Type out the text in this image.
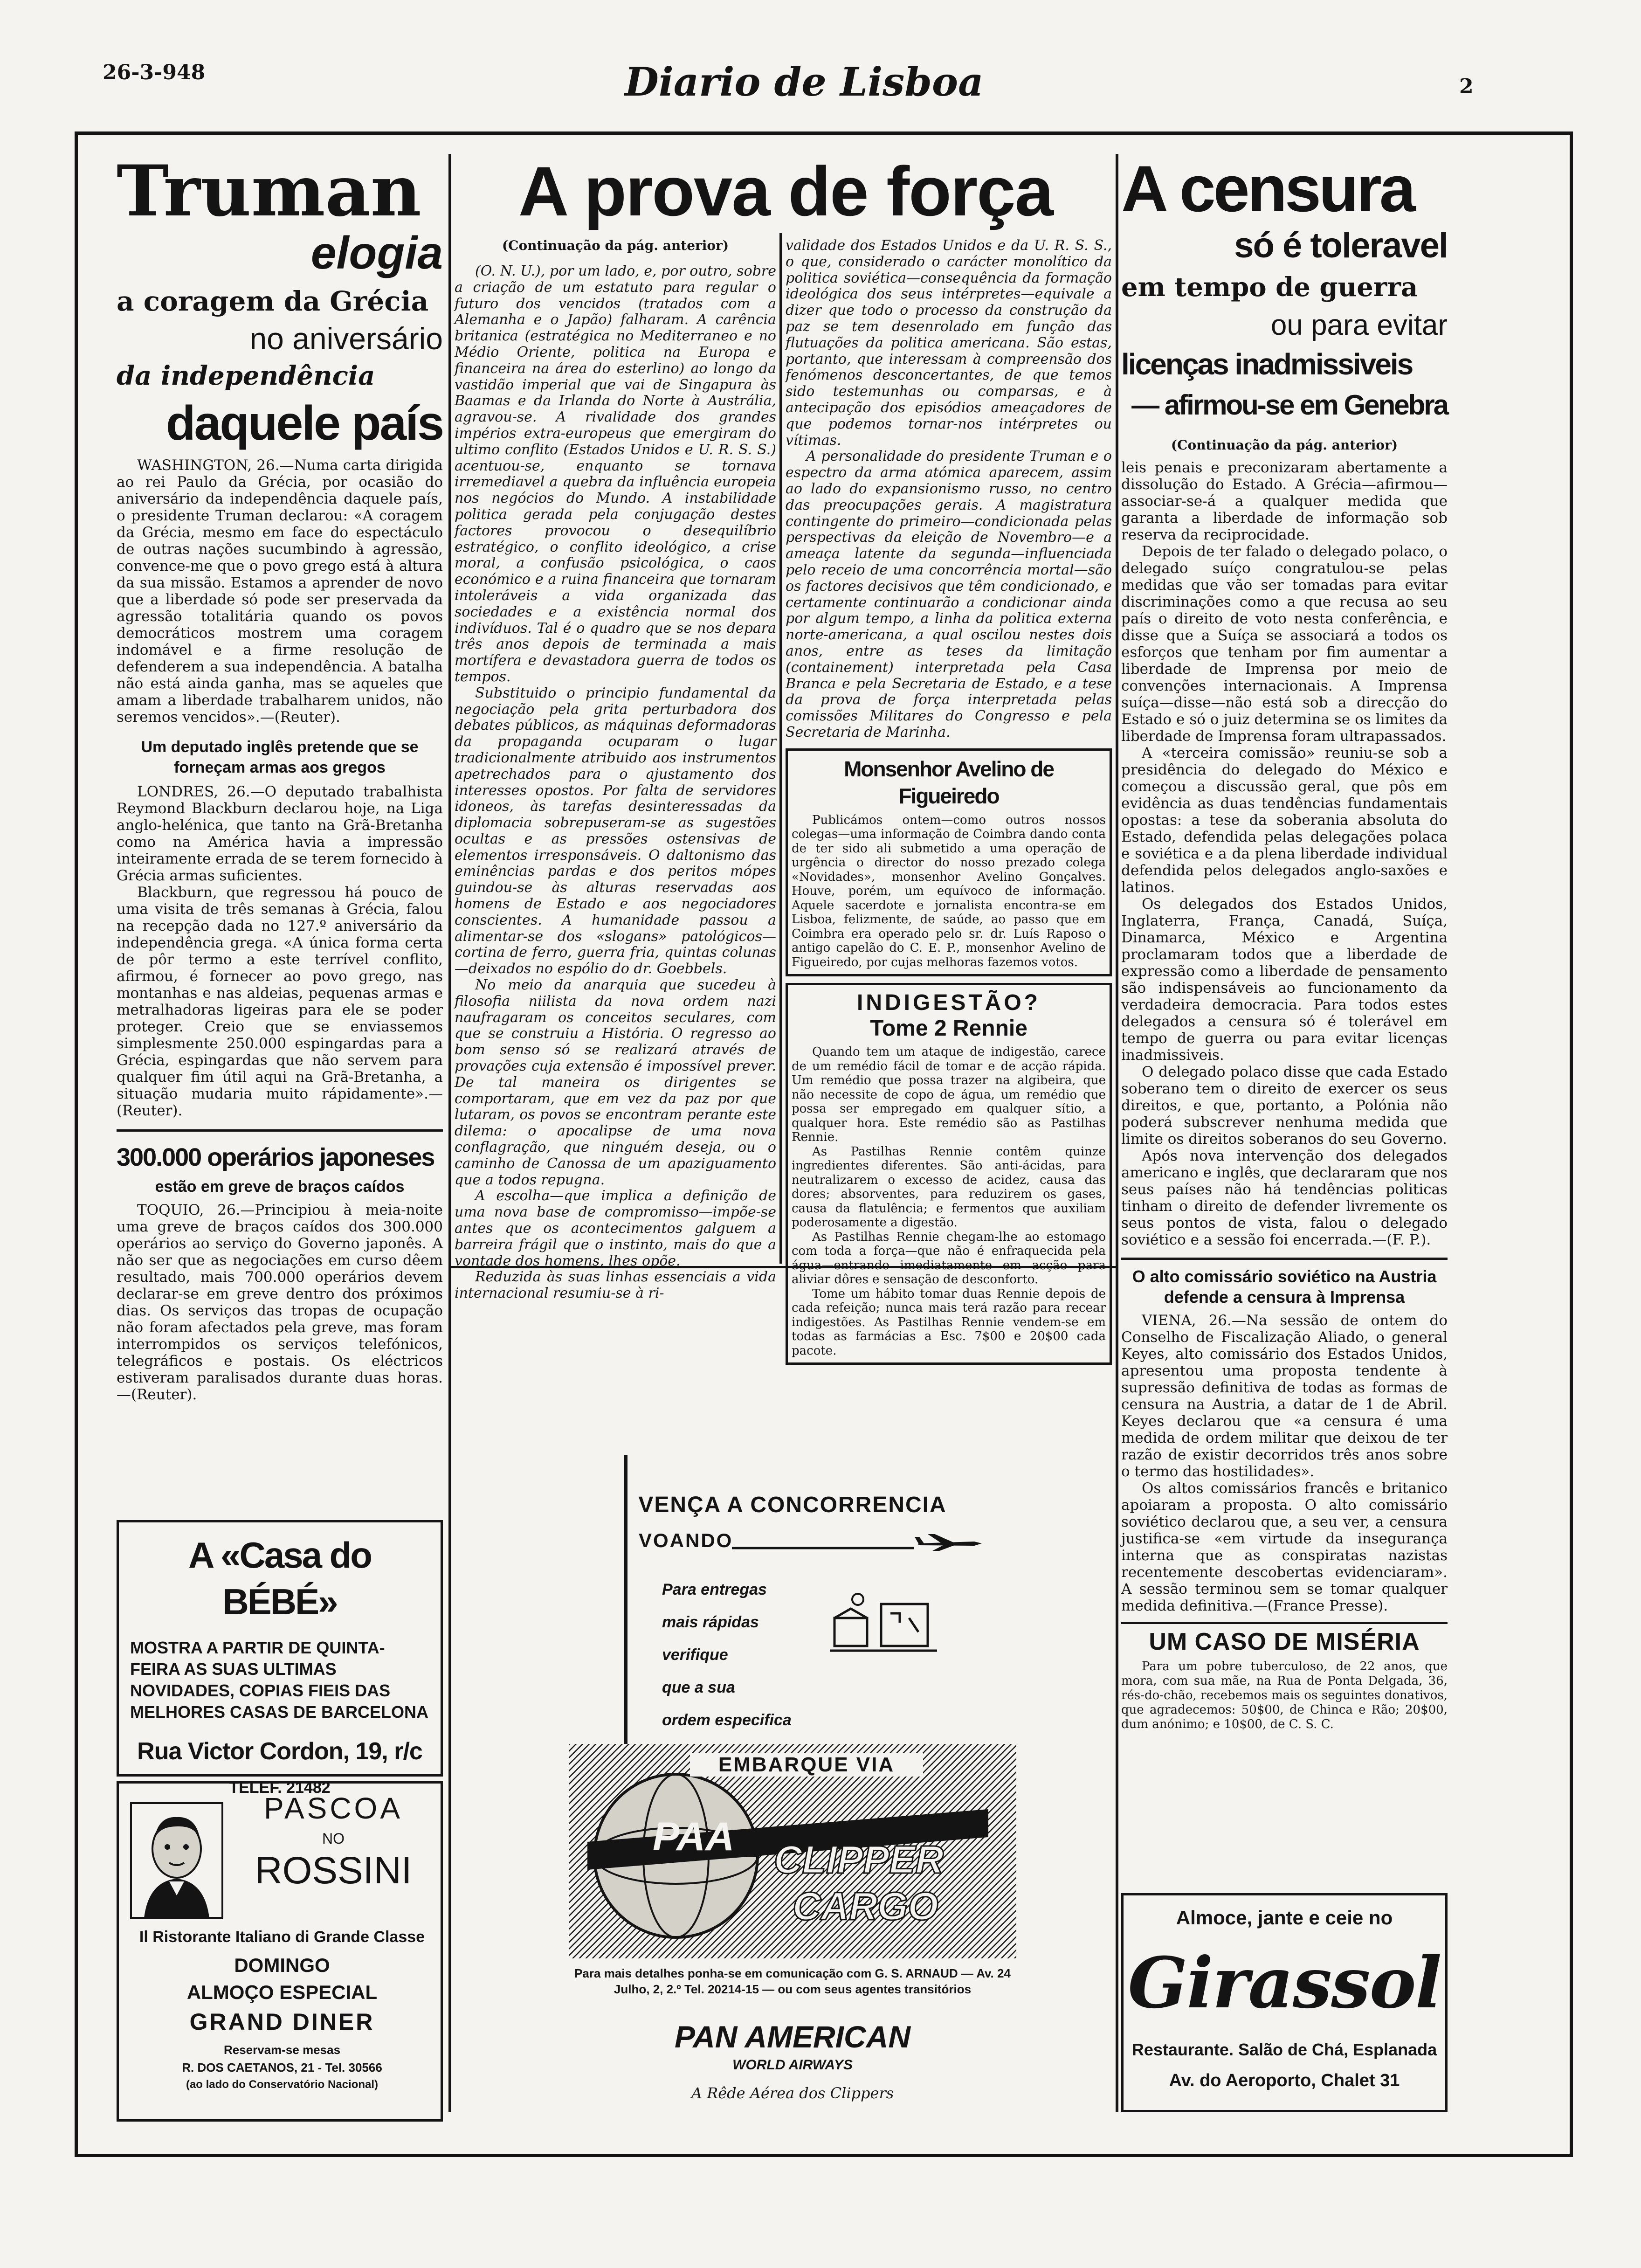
26-3-948	Diario de Lisboa	2
Truman
elogia
a coragem da Grécia
no aniversário
da independência
daquele país

WASHINGTON, 26.—Numa carta dirigida ao rei Paulo da Grécia, por ocasião do aniversário da independência daquele país, o presidente Truman declarou: «A coragem da Grécia, mesmo em face do espectáculo de outras nações sucumbindo à agressão, convence-me que o povo grego está à altura da sua missão. Estamos a aprender de novo que a liberdade só pode ser preservada da agressão totalitária quando os povos democráticos mostrem uma coragem indomável e a firme resolução de defenderem a sua independência. A batalha não está ainda ganha, mas se aqueles que amam a liberdade trabalharem unidos, não seremos vencidos».—(Reuter).

Um deputado inglês pretende que se forneçam armas aos gregos

LONDRES, 26.—O deputado trabalhista Reymond Blackburn declarou hoje, na Liga anglo-helénica, que tanto na Grã-Bretanha como na América havia a impressão inteiramente errada de se terem fornecido à Grécia armas suficientes.

Blackburn, que regressou há pouco de uma visita de três semanas à Grécia, falou na recepção dada no 127.º aniversário da independência grega. «A única forma certa de pôr termo a este terrível conflito, afirmou, é fornecer ao povo grego, nas montanhas e nas aldeias, pequenas armas e metralhadoras ligeiras para ele se poder proteger. Creio que se enviassemos simplesmente 250.000 espingardas para a Grécia, espingardas que não servem para qualquer fim útil aqui na Grã-Bretanha, a situação mudaria muito rápidamente».—(Reuter).

300.000 operários japoneses
estão em greve de braços caídos

TOQUIO, 26.—Principiou à meia-noite uma greve de braços caídos dos 300.000 operários ao serviço do Governo japonês. A não ser que as negociações em curso dêem resultado, mais 700.000 operários devem declarar-se em greve dentro dos próximos dias. Os serviços das tropas de ocupação não foram afectados pela greve, mas foram interrompidos os serviços telefónicos, telegráficos e postais. Os eléctricos estiveram paralisados durante duas horas.—(Reuter).

A «Casa do BÉBÉ»
MOSTRA A PARTIR DE QUINTA-FEIRA AS SUAS ULTIMAS NOVIDADES, COPIAS FIEIS DAS MELHORES CASAS DE BARCELONA
Rua Victor Cordon, 19, r/c
TELEF. 21482
PASCOA
NO
ROSSINI
Il Ristorante Italiano di Grande Classe
DOMINGO
ALMOÇO ESPECIAL
GRAND DINER
Reservam-se mesas
R. DOS CAETANOS, 21 - Tel. 30566
(ao lado do Conservatório Nacional)
A prova de força
(Continuação da pág. anterior)

(O. N. U.), por um lado, e, por outro, sobre a criação de um estatuto para regular o futuro dos vencidos (tratados com a Alemanha e o Japão) falharam. A carência britanica (estratégica no Mediterraneo e no Médio Oriente, politica na Europa e financeira na área do esterlino) ao longo da vastidão imperial que vai de Singapura às Baamas e da Irlanda do Norte à Austrália, agravou-se. A rivalidade dos grandes impérios extra-europeus que emergiram do ultimo conflito (Estados Unidos e U. R. S. S.) acentuou-se, enquanto se tornava irremediavel a quebra da influência europeia nos negócios do Mundo. A instabilidade politica gerada pela conjugação destes factores provocou o desequilíbrio estratégico, o conflito ideológico, a crise moral, a confusão psicológica, o caos económico e a ruina financeira que tornaram intoleráveis a vida organizada das sociedades e a existência normal dos indivíduos. Tal é o quadro que se nos depara três anos depois de terminada a mais mortífera e devastadora guerra de todos os tempos.

Substituido o principio fundamental da negociação pela grita perturbadora dos debates públicos, as máquinas deformadoras da propaganda ocuparam o lugar tradicionalmente atribuido aos instrumentos apetrechados para o ajustamento dos interesses opostos. Por falta de servidores idoneos, às tarefas desinteressadas da diplomacia sobrepuseram-se as sugestões ocultas e as pressões ostensivas de elementos irresponsáveis. O daltonismo das eminências pardas e dos peritos mópes guindou-se às alturas reservadas aos homens de Estado e aos negociadores conscientes. A humanidade passou a alimentar-se dos «slogans» patológicos—cortina de ferro, guerra fria, quintas colunas—deixados no espólio do dr. Goebbels.

No meio da anarquia que sucedeu à filosofia niilista da nova ordem nazi naufragaram os conceitos seculares, com que se construiu a História. O regresso ao bom senso só se realizará através de provações cuja extensão é impossível prever. De tal maneira os dirigentes se comportaram, que em vez da paz por que lutaram, os povos se encontram perante este dilema: o apocalipse de uma nova conflagração, que ninguém deseja, ou o caminho de Canossa de um apaziguamento que a todos repugna.

A escolha—que implica a definição de uma nova base de compromisso—impõe-se antes que os acontecimentos galguem a barreira frágil que o instinto, mais do que a vontade dos homens, lhes opõe.

Reduzida às suas linhas essenciais a vida internacional resumiu-se à ri-

validade dos Estados Unidos e da U. R. S. S., o que, considerado o carácter monolítico da politica soviética—consequência da formação ideológica dos seus intérpretes—equivale a dizer que todo o processo da construção da paz se tem desenrolado em função das flutuações da politica americana. São estas, portanto, que interessam à compreensão dos fenómenos desconcertantes, de que temos sido testemunhas ou comparsas, e à antecipação dos episódios ameaçadores de que podemos tornar-nos intérpretes ou vítimas.

A personalidade do presidente Truman e o espectro da arma atómica aparecem, assim ao lado do expansionismo russo, no centro das preocupações gerais. A magistratura contingente do primeiro—condicionada pelas perspectivas da eleição de Novembro—e a ameaça latente da segunda—influenciada pelo receio de uma concorrência mortal—são os factores decisivos que têm condicionado, e certamente continuarão a condicionar ainda por algum tempo, a linha da politica externa norte-americana, a qual oscilou nestes dois anos, entre as teses da limitação (containement) interpretada pela Casa Branca e pela Secretaria de Estado, e a tese da prova de força interpretada pelas comissões Militares do Congresso e pela Secretaria de Marinha.

Monsenhor Avelino de Figueiredo

Publicámos ontem—como outros nossos colegas—uma informação de Coimbra dando conta de ter sido ali submetido a uma operação de urgência o director do nosso prezado colega «Novidades», monsenhor Avelino Gonçalves. Houve, porém, um equívoco de informação. Aquele sacerdote e jornalista encontra-se em Lisboa, felizmente, de saúde, ao passo que em Coimbra era operado pelo sr. dr. Luís Raposo o antigo capelão do C. E. P., monsenhor Avelino de Figueiredo, por cujas melhoras fazemos votos.

INDIGESTÃO?
Tome 2 Rennie

Quando tem um ataque de indigestão, carece de um remédio fácil de tomar e de acção rápida. Um remédio que possa trazer na algibeira, que não necessite de copo de água, um remédio que possa ser empregado em qualquer sítio, a qualquer hora. Este remédio são as Pastilhas Rennie.

As Pastilhas Rennie contêm quinze ingredientes diferentes. São anti-ácidas, para neutralizarem o excesso de acidez, causa das dores; absorventes, para reduzirem os gases, causa da flatulência; e fermentos que auxiliam poderosamente a digestão.

As Pastilhas Rennie chegam-lhe ao estomago com toda a força—que não é enfraquecida pela água—entrando imediatamente em acção para aliviar dôres e sensação de desconforto.

Tome um hábito tomar duas Rennie depois de cada refeição; nunca mais terá razão para recear indigestões. As Pastilhas Rennie vendem-se em todas as farmácias a Esc. 7$00 e 20$00 cada pacote.

VENÇA A CONCORRENCIA
VOANDO
Para entregas
mais rápidas
verifique
que a sua
ordem especifica
EMBARQUE VIA
PAA
CLIPPER
CARGO
Para mais detalhes ponha-se em comunicação com G. S. ARNAUD — Av. 24 Julho, 2, 2.º Tel. 20214-15 — ou com seus agentes transitórios
PAN AMERICAN
WORLD AIRWAYS
A Rêde Aérea dos Clippers
A censura
só é toleravel
em tempo de guerra
ou para evitar
licenças inadmissiveis
— afirmou-se em Genebra
(Continuação da pág. anterior)

leis penais e preconizaram abertamente a dissolução do Estado. A Grécia—afirmou—associar-se-á a qualquer medida que garanta a liberdade de informação sob reserva da reciprocidade.

Depois de ter falado o delegado polaco, o delegado suíço congratulou-se pelas medidas que vão ser tomadas para evitar discriminações como a que recusa ao seu país o direito de voto nesta conferência, e disse que a Suíça se associará a todos os esforços que tenham por fim aumentar a liberdade de Imprensa por meio de convenções internacionais. A Imprensa suíça—disse—não está sob a direcção do Estado e só o juiz determina se os limites da liberdade de Imprensa foram ultrapassados.

A «terceira comissão» reuniu-se sob a presidência do delegado do México e começou a discussão geral, que pôs em evidência as duas tendências fundamentais opostas: a tese da soberania absoluta do Estado, defendida pelas delegações polaca e soviética e a da plena liberdade individual defendida pelos delegados anglo-saxões e latinos.

Os delegados dos Estados Unidos, Inglaterra, França, Canadá, Suíça, Dinamarca, México e Argentina proclamaram todos que a liberdade de expressão como a liberdade de pensamento são indispensáveis ao funcionamento da verdadeira democracia. Para todos estes delegados a censura só é tolerável em tempo de guerra ou para evitar licenças inadmissiveis.

O delegado polaco disse que cada Estado soberano tem o direito de exercer os seus direitos, e que, portanto, a Polónia não poderá subscrever nenhuma medida que limite os direitos soberanos do seu Governo.

Após nova intervenção dos delegados americano e inglês, que declararam que nos seus países não há tendências politicas tinham o direito de defender livremente os seus pontos de vista, falou o delegado soviético e a sessão foi encerrada.—(F. P.).

O alto comissário soviético na Austria defende a censura à Imprensa

VIENA, 26.—Na sessão de ontem do Conselho de Fiscalização Aliado, o general Keyes, alto comissário dos Estados Unidos, apresentou uma proposta tendente à supressão definitiva de todas as formas de censura na Austria, a datar de 1 de Abril. Keyes declarou que «a censura é uma medida de ordem militar que deixou de ter razão de existir decorridos três anos sobre o termo das hostilidades».

Os altos comissários francês e britanico apoiaram a proposta. O alto comissário soviético declarou que, a seu ver, a censura justifica-se «em virtude da insegurança interna que as conspiratas nazistas recentemente descobertas evidenciaram». A sessão terminou sem se tomar qualquer medida definitiva.—(France Presse).

UM CASO DE MISÉRIA

Para um pobre tuberculoso, de 22 anos, que mora, com sua mãe, na Rua de Ponta Delgada, 36, rés-do-chão, recebemos mais os seguintes donativos, que agradecemos: 50$00, de Chinca e Rão; 20$00, dum anónimo; e 10$00, de C. S. C.

Almoce, jante e ceie no
Girassol
Restaurante. Salão de Chá, Esplanada
Av. do Aeroporto, Chalet 31
